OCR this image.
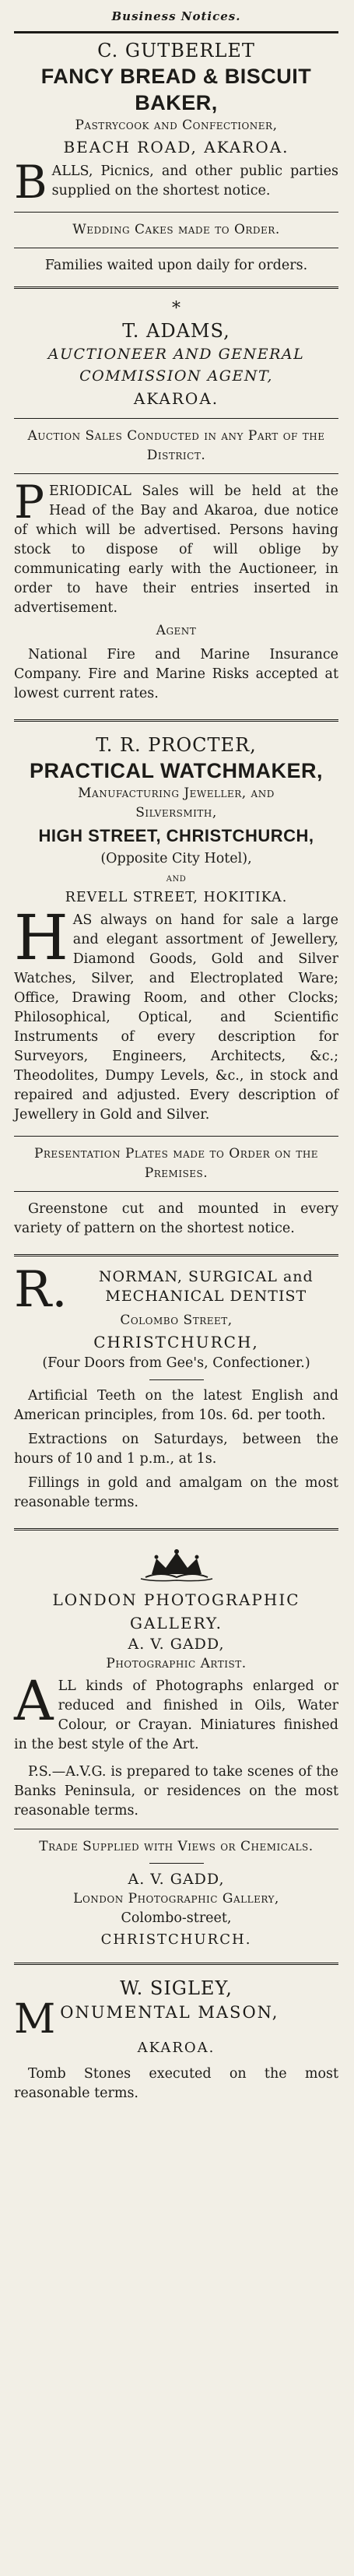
Business Notices.
C. GUTBERLET
FANCY BREAD & BISCUIT BAKER,
Pastrycook and Confectioner,
BEACH ROAD, AKAROA.
BALLS, Picnics, and other public parties supplied on the shortest notice.
Wedding Cakes made to Order.
Families waited upon daily for orders.
*
T. ADAMS,
AUCTIONEER AND GENERAL
COMMISSION AGENT,
AKAROA.
Auction Sales Conducted in any Part of the District.
PERIODICAL Sales will be held at the Head of the Bay and Akaroa, due notice of which will be advertised. Persons having stock to dispose of will oblige by communicating early with the Auctioneer, in order to have their entries inserted in advertisement.
Agent
National Fire and Marine Insurance Company. Fire and Marine Risks accepted at lowest current rates.
T. R. PROCTER,
PRACTICAL WATCHMAKER,
Manufacturing Jeweller, and
Silversmith,
HIGH STREET, CHRISTCHURCH,
(Opposite City Hotel),
and
REVELL STREET, HOKITIKA.
HAS always on hand for sale a large and elegant assortment of Jewellery, Diamond Goods, Gold and Silver Watches, Silver, and Electroplated Ware; Office, Drawing Room, and other Clocks; Philosophical, Optical, and Scientific Instruments of every description for Surveyors, Engineers, Architects, &c.; Theodolites, Dumpy Levels, &c., in stock and repaired and adjusted. Every description of Jewellery in Gold and Silver.
Presentation Plates made to Order on the Premises.
Greenstone cut and mounted in every variety of pattern on the shortest notice.
R.	NORMAN, SURGICAL and
MECHANICAL DENTIST
Colombo Street,
CHRISTCHURCH,
(Four Doors from Gee's, Confectioner.)
Artificial Teeth on the latest English and American principles, from 10s. 6d. per tooth.
Extractions on Saturdays, between the hours of 10 and 1 p.m., at 1s.
Fillings in gold and amalgam on the most reasonable terms.
LONDON PHOTOGRAPHIC
GALLERY.
A. V. GADD,
Photographic Artist.
ALL kinds of Photographs enlarged or reduced and finished in Oils, Water Colour, or Crayan. Miniatures finished in the best style of the Art.
P.S.—A.V.G. is prepared to take scenes of the Banks Peninsula, or residences on the most reasonable terms.
Trade Supplied with Views or Chemicals.
A. V. GADD,
London Photographic Gallery,
Colombo-street,
CHRISTCHURCH.
W. SIGLEY,
M ONUMENTAL MASON,
AKAROA.
Tomb Stones executed on the most reasonable terms.
